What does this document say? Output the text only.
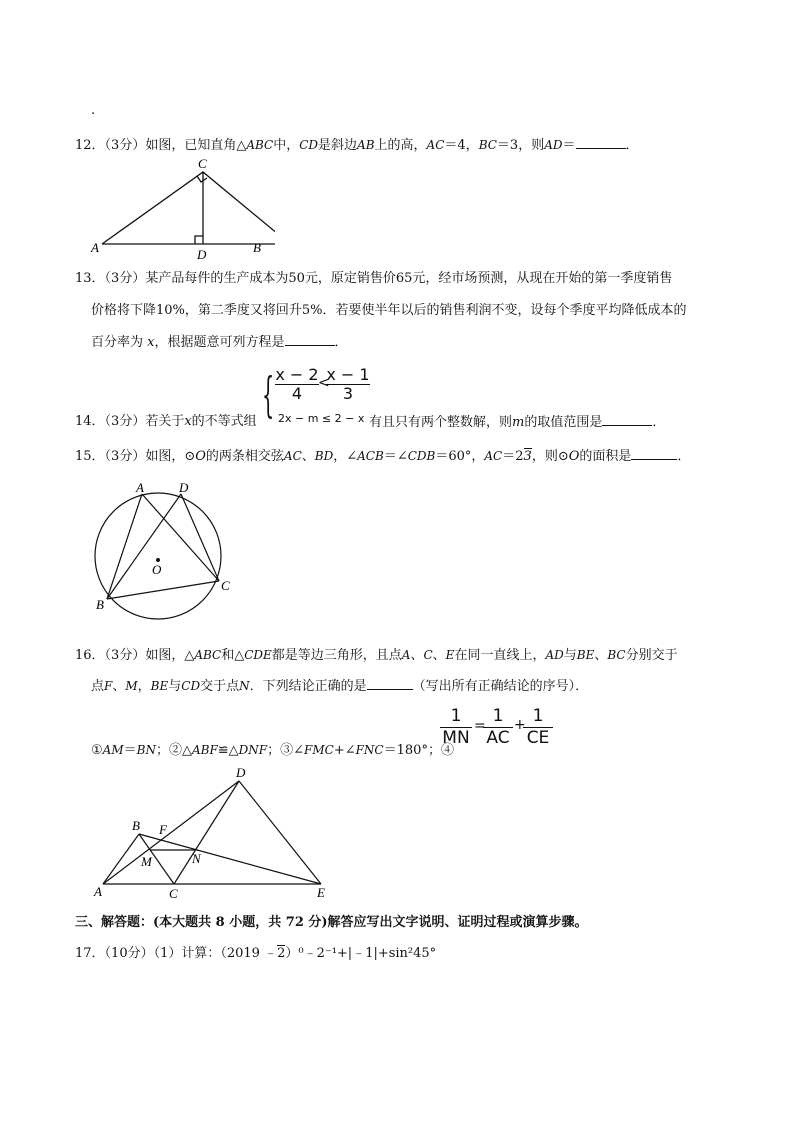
.
12．（3分）如图，已知直角△ABC中，CD是斜边AB上的高，AC＝4，BC＝3，则AD＝	．
A	B
C
D
13．（3分）某产品每件的生产成本为50元，原定销售价65元，经市场预测，从现在开始的第一季度销售
价格将下降10%，第二季度又将回升5%．若要使半年以后的销售利润不变，设每个季度平均降低成本的
百分率为 x，根据题意可列方程是	．
{ $\frac{x - 2}{4}$ <
$\frac{x - 1}{3}$
2x − m ≤ 2 − x
14．（3分）若关于x的不等式组	有且只有两个整数解，则m的取值范围是	．
15．（3分）如图，⊙O的两条相交弦AC、BD，∠ACB＝∠CDB＝60°，AC＝23，则⊙O的面积是	．
A	D
C
B
O
16．（3分）如图，△ABC和△CDE都是等边三角形，且点A、C、E在同一直线上，AD与BE、BC分别交于
点F、M，BE与CD交于点N．下列结论正确的是	（写出所有正确结论的序号）．
①AM＝BN；②△ABF≌△DNF；③∠FMC+∠FNC＝180°；④
1
MN
= 1
AC
+ 1
CE
A
B
C
D
E
F
M	N
三、解答题：(本大题共 8 小题，共 72 分)解答应写出文字说明、证明过程或演算步骤。
17．（10分）（1）计算：（2019 ﹣2）⁰﹣2⁻¹+|﹣1|+sin²45°
